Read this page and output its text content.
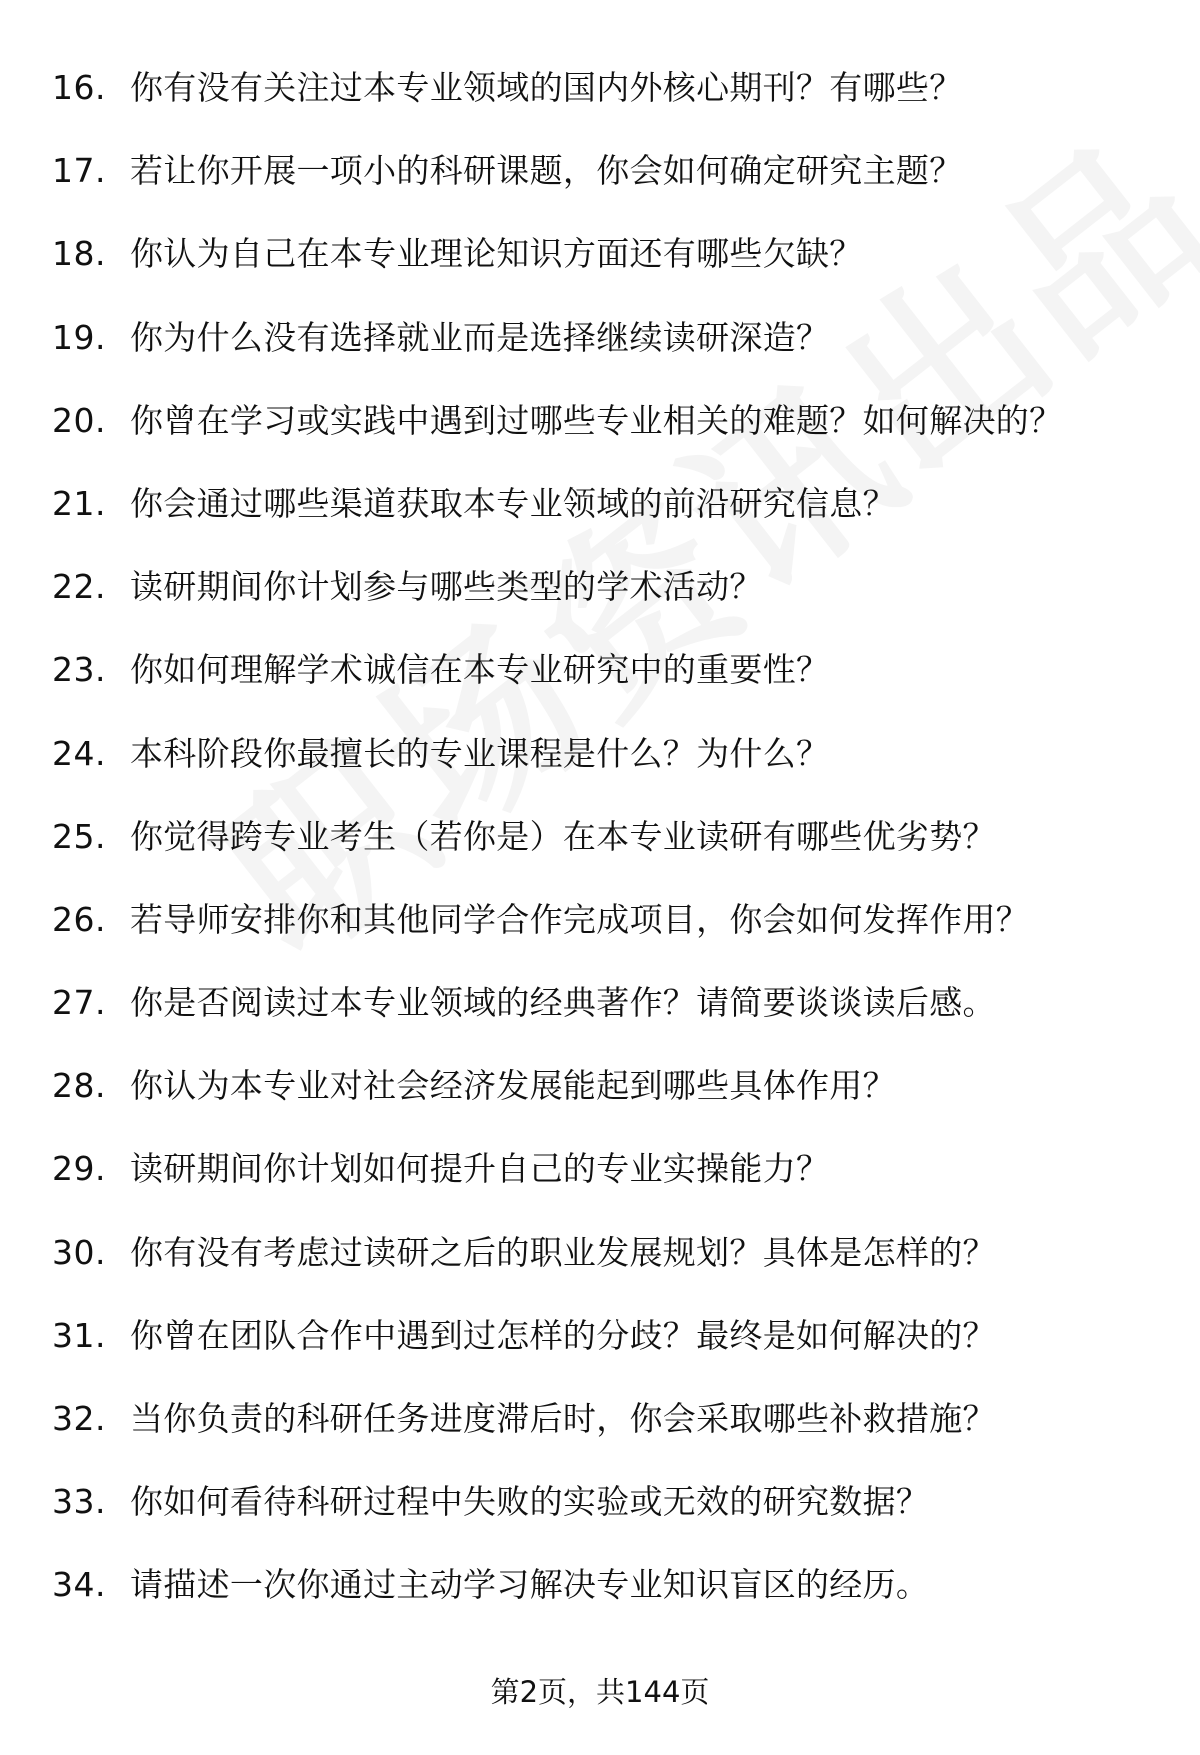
16. 你有没有关注过本专业领域的国内外核心期刊？有哪些？
17. 若让你开展一项小的科研课题，你会如何确定研究主题？
18. 你认为自己在本专业理论知识方面还有哪些欠缺？
19. 你为什么没有选择就业而是选择继续读研深造？
20. 你曾在学习或实践中遇到过哪些专业相关的难题？如何解决的？
21. 你会通过哪些渠道获取本专业领域的前沿研究信息？
22. 读研期间你计划参与哪些类型的学术活动？
23. 你如何理解学术诚信在本专业研究中的重要性？
24. 本科阶段你最擅长的专业课程是什么？为什么？
25. 你觉得跨专业考生（若你是）在本专业读研有哪些优劣势？
26. 若导师安排你和其他同学合作完成项目，你会如何发挥作用？
27. 你是否阅读过本专业领域的经典著作？请简要谈谈读后感。
28. 你认为本专业对社会经济发展能起到哪些具体作用？
29. 读研期间你计划如何提升自己的专业实操能力？
30. 你有没有考虑过读研之后的职业发展规划？具体是怎样的？
31. 你曾在团队合作中遇到过怎样的分歧？最终是如何解决的？
32. 当你负责的科研任务进度滞后时，你会采取哪些补救措施？
33. 你如何看待科研过程中失败的实验或无效的研究数据？
34. 请描述一次你通过主动学习解决专业知识盲区的经历。
第2页，共144页
